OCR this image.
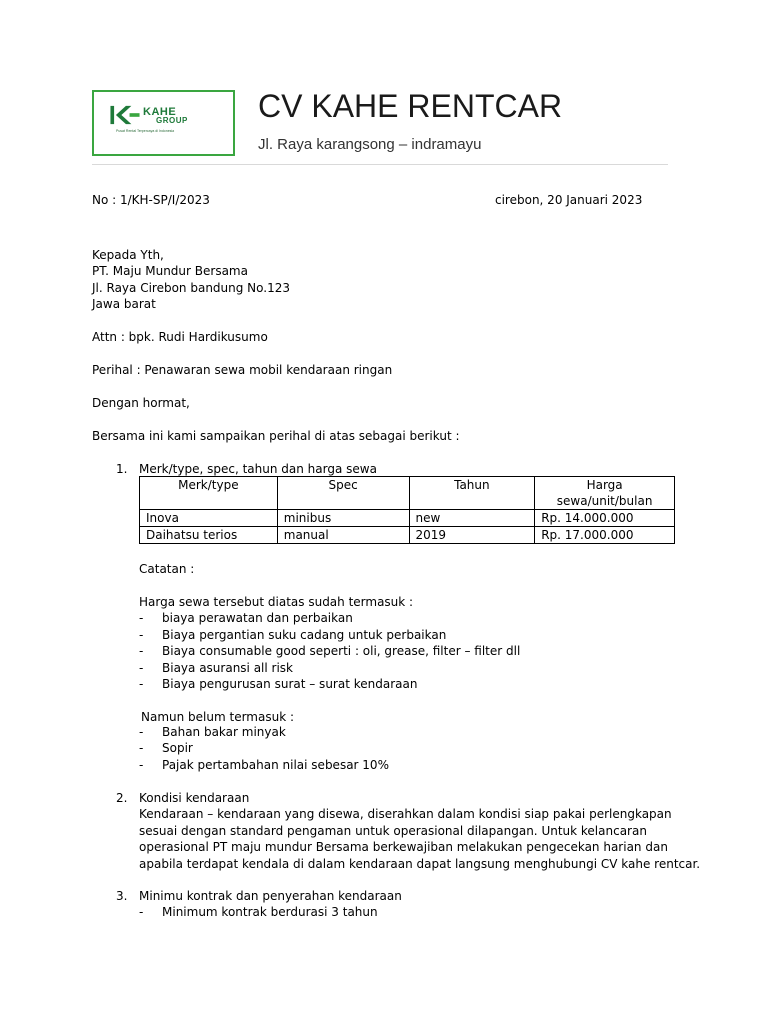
KAHE
GROUP
Pusat Rental Terpercaya di Indonesia
CV KAHE RENTCAR
Jl. Raya karangsong – indramayu
No : 1/KH-SP/I/2023	cirebon, 20 Januari 2023
Kepada Yth,
PT. Maju Mundur Bersama
Jl. Raya Cirebon bandung No.123
Jawa barat
Attn : bpk. Rudi Hardikusumo
Perihal : Penawaran sewa mobil kendaraan ringan
Dengan hormat,
Bersama ini kami sampaikan perihal di atas sebagai berikut :
1. Merk/type, spec, tahun dan harga sewa
Merk/type	Spec	Tahun	Harga sewa/unit/bulan
Inova	minibus	new	Rp. 14.000.000
Daihatsu terios	manual	2019	Rp. 17.000.000
Catatan :
Harga sewa tersebut diatas sudah termasuk :
- biaya perawatan dan perbaikan
- Biaya pergantian suku cadang untuk perbaikan
- Biaya consumable good seperti : oli, grease, filter – filter dll
- Biaya asuransi all risk
- Biaya pengurusan surat – surat kendaraan
Namun belum termasuk :
- Bahan bakar minyak
- Sopir
- Pajak pertambahan nilai sebesar 10%
2. Kondisi kendaraan
Kendaraan – kendaraan yang disewa, diserahkan dalam kondisi siap pakai perlengkapan
sesuai dengan standard pengaman untuk operasional dilapangan. Untuk kelancaran
operasional PT maju mundur Bersama berkewajiban melakukan pengecekan harian dan
apabila terdapat kendala di dalam kendaraan dapat langsung menghubungi CV kahe rentcar.
3. Minimu kontrak dan penyerahan kendaraan
- Minimum kontrak berdurasi 3 tahun
